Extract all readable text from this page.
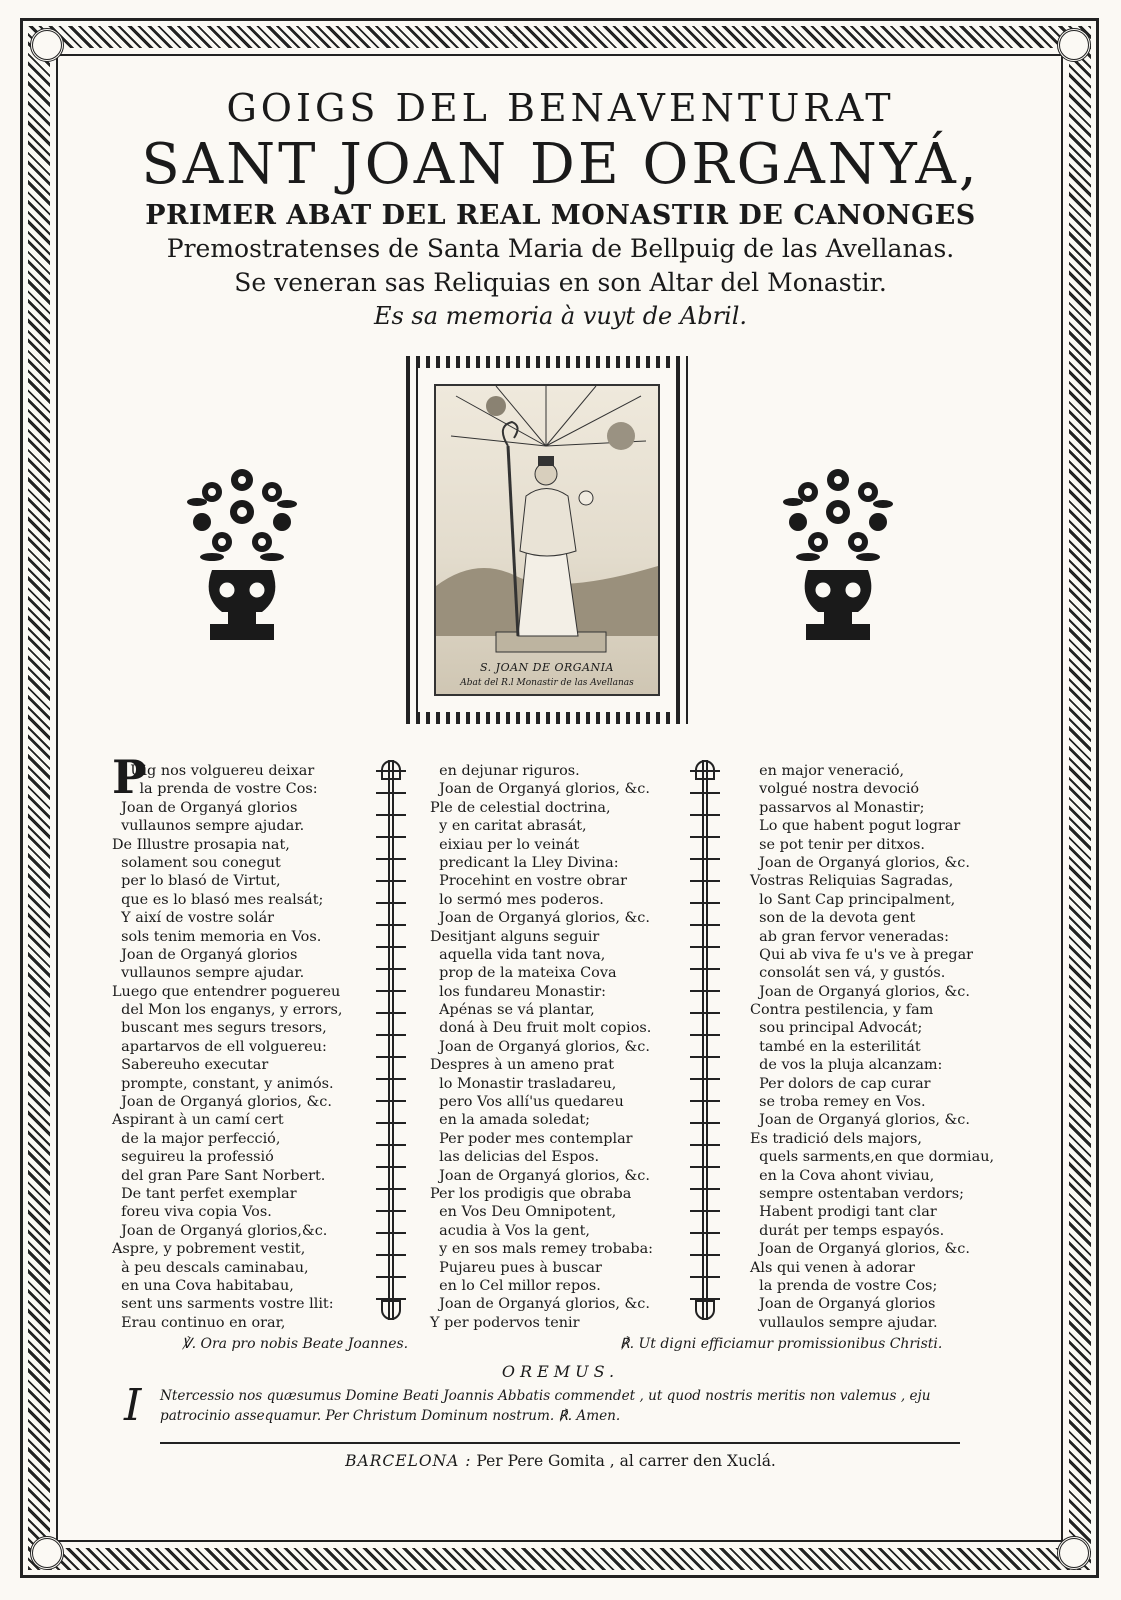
GOIGS DEL BENAVENTURAT
SANT JOAN DE ORGANYÁ,
PRIMER ABAT DEL REAL MONASTIR DE CANONGES
Premostratenses de Santa Maria de Bellpuig de las Avellanas.
Se veneran sas Reliquias en son Altar del Monastir.
Es sa memoria à vuyt de Abril.
S. JOAN DE ORGANIA
Abat del R.l Monastir de las Avellanas
P
Uig nos volguereu deixar
la prenda de vostre Cos:
Joan de Organyá glorios
vullaunos sempre ajudar.
De Illustre prosapia nat,
solament sou conegut
per lo blasó de Virtut,
que es lo blasó mes realsát;
Y així de vostre solár
sols tenim memoria en Vos.
Joan de Organyá glorios
vullaunos sempre ajudar.
Luego que entendrer poguereu
del Mon los enganys, y errors,
buscant mes segurs tresors,
apartarvos de ell volguereu:
Sabereuho executar
prompte, constant, y animós.
Joan de Organyá glorios, &c.
Aspirant à un camí cert
de la major perfecció,
seguireu la professió
del gran Pare Sant Norbert.
De tant perfet exemplar
foreu viva copia Vos.
Joan de Organyá glorios,&c.
Aspre, y pobrement vestit,
à peu descals caminabau,
en una Cova habitabau,
sent uns sarments vostre llit:
Erau continuo en orar,
en dejunar riguros.
Joan de Organyá glorios, &c.
Ple de celestial doctrina,
y en caritat abrasát,
eixiau per lo veinát
predicant la Lley Divina:
Procehint en vostre obrar
lo sermó mes poderos.
Joan de Organyá glorios, &c.
Desitjant alguns seguir
aquella vida tant nova,
prop de la mateixa Cova
los fundareu Monastir:
Apénas se vá plantar,
doná à Deu fruit molt copios.
Joan de Organyá glorios, &c.
Despres à un ameno prat
lo Monastir trasladareu,
pero Vos allí'us quedareu
en la amada soledat;
Per poder mes contemplar
las delicias del Espos.
Joan de Organyá glorios, &c.
Per los prodigis que obraba
en Vos Deu Omnipotent,
acudia à Vos la gent,
y en sos mals remey trobaba:
Pujareu pues à buscar
en lo Cel millor repos.
Joan de Organyá glorios, &c.
Y per podervos tenir
en major veneració,
volgué nostra devoció
passarvos al Monastir;
Lo que habent pogut lograr
se pot tenir per ditxos.
Joan de Organyá glorios, &c.
Vostras Reliquias Sagradas,
lo Sant Cap principalment,
son de la devota gent
ab gran fervor veneradas:
Qui ab viva fe u's ve à pregar
consolát sen vá, y gustós.
Joan de Organyá glorios, &c.
Contra pestilencia, y fam
sou principal Advocát;
també en la esterilitát
de vos la pluja alcanzam:
Per dolors de cap curar
se troba remey en Vos.
Joan de Organyá glorios, &c.
Es tradició dels majors,
quels sarments,en que dormiau,
en la Cova ahont viviau,
sempre ostentaban verdors;
Habent prodigi tant clar
durát per temps espayós.
Joan de Organyá glorios, &c.
Als qui venen à adorar
la prenda de vostre Cos;
Joan de Organyá glorios
vullaulos sempre ajudar.
℣. Ora pro nobis Beate Joannes.	℟. Ut digni efficiamur promissionibus Christi.
OREMUS.
I Ntercessio nos quæsumus Domine Beati Joannis Abbatis commendet , ut quod nostris meritis non valemus , eju
patrocinio assequamur. Per Christum Dominum nostrum. ℟. Amen.
BARCELONA : Per Pere Gomita , al carrer den Xuclá.
